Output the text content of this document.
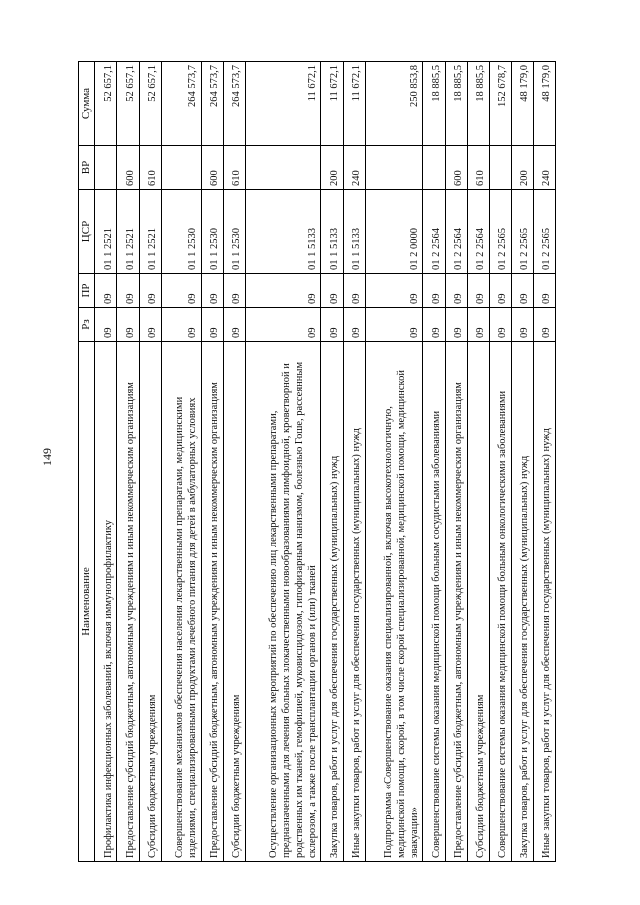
149
Наименование	Рз	ПР	ЦСР	ВР	Сумма
Профилактика инфекционных заболеваний, включая иммунопрофилактику	09	09	01 1 2521		52 657,1
Предоставление субсидий бюджетным, автономным учреждениям и иным некоммерческим организациям	09	09	01 1 2521	600	52 657,1
Субсидии бюджетным учреждениям	09	09	01 1 2521	610	52 657,1
Совершенствование механизмов обеспечения населения лекарственными препаратами, медицинскими изделиями, специализированными продуктами лечебного питания для детей в амбулаторных условиях	09	09	01 1 2530		264 573,7
Предоставление субсидий бюджетным, автономным учреждениям и иным некоммерческим организациям	09	09	01 1 2530	600	264 573,7
Субсидии бюджетным учреждениям	09	09	01 1 2530	610	264 573,7
Осуществление организационных мероприятий по обеспечению лиц лекарственными препаратами, предназначенными для лечения больных злокачественными новообразованиями лимфоидной, кроветворной и родственных им тканей, гемофилией, муковисцидозом, гипофизарным нанизмом, болезнью Гоше, рассеянным склерозом, а также после трансплантации органов и (или) тканей	09	09	01 1 5133		11 672,1
Закупка товаров, работ и услуг для обеспечения государственных (муниципальных) нужд	09	09	01 1 5133	200	11 672,1
Иные закупки товаров, работ и услуг для обеспечения государственных (муниципальных) нужд	09	09	01 1 5133	240	11 672,1
Подпрограмма «Совершенствование оказания специализированной, включая высокотехнологичную, медицинской помощи, скорой, в том числе скорой специализированной, медицинской помощи, медицинской эвакуации»	09	09	01 2 0000		250 853,8
Совершенствование системы оказания медицинской помощи больным сосудистыми заболеваниями	09	09	01 2 2564		18 885,5
Предоставление субсидий бюджетным, автономным учреждениям и иным некоммерческим организациям	09	09	01 2 2564	600	18 885,5
Субсидии бюджетным учреждениям	09	09	01 2 2564	610	18 885,5
Совершенствование системы оказания медицинской помощи больным онкологическими заболеваниями	09	09	01 2 2565		152 678,7
Закупка товаров, работ и услуг для обеспечения государственных (муниципальных) нужд	09	09	01 2 2565	200	48 179,0
Иные закупки товаров, работ и услуг для обеспечения государственных (муниципальных) нужд	09	09	01 2 2565	240	48 179,0
